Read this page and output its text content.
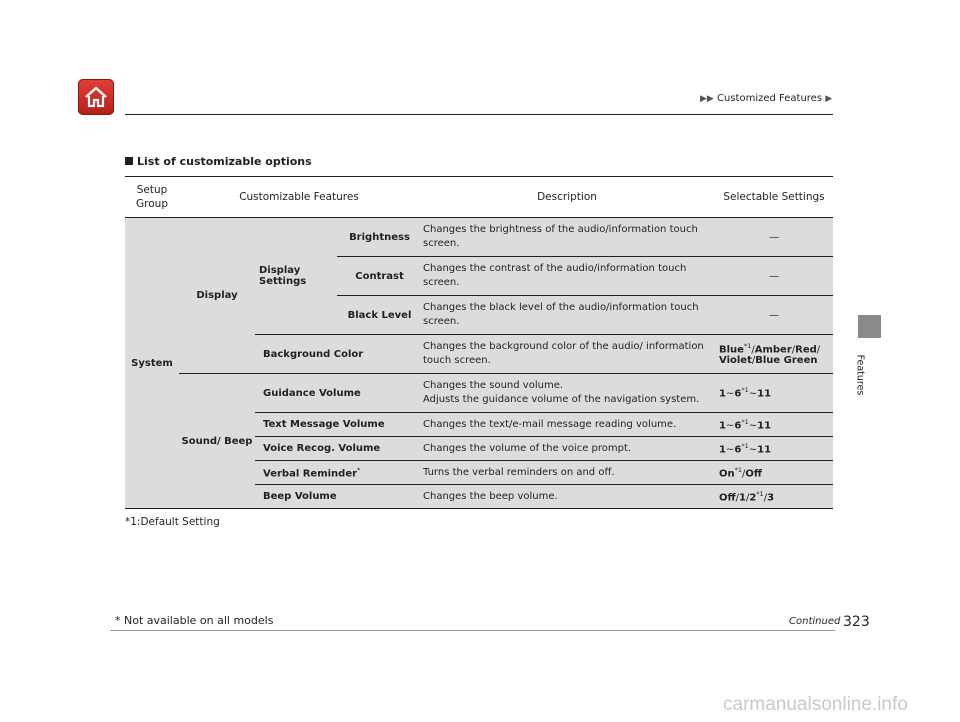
▶▶ Customized Features ▶
Features
List of customizable options
Setup Group	Customizable Features			Description	Selectable Settings
System	Display	Display Settings	Brightness	Changes the brightness of the audio/information touch screen.	—
			Contrast	Changes the contrast of the audio/information touch screen.	—
			Black Level	Changes the black level of the audio/information touch screen.	—
		Background Color		Changes the background color of the audio/ information touch screen.	Blue$^{*1}$/Amber/Red/
Violet/Blue Green
	Sound/ Beep	Guidance Volume		Changes the sound volume.
Adjusts the guidance volume of the navigation system.	1~6$^{*1}$~11
		Text Message Volume		Changes the text/e-mail message reading volume.	1~6$^{*1}$~11
		Voice Recog. Volume		Changes the volume of the voice prompt.	1~6$^{*1}$~11
		Verbal Reminder*		Turns the verbal reminders on and off.	On$^{*1}$/Off
		Beep Volume		Changes the beep volume.	Off/1/2$^{*1}$/3
*1:Default Setting
* Not available on all models	Continued 323
carmanualsonline.info
